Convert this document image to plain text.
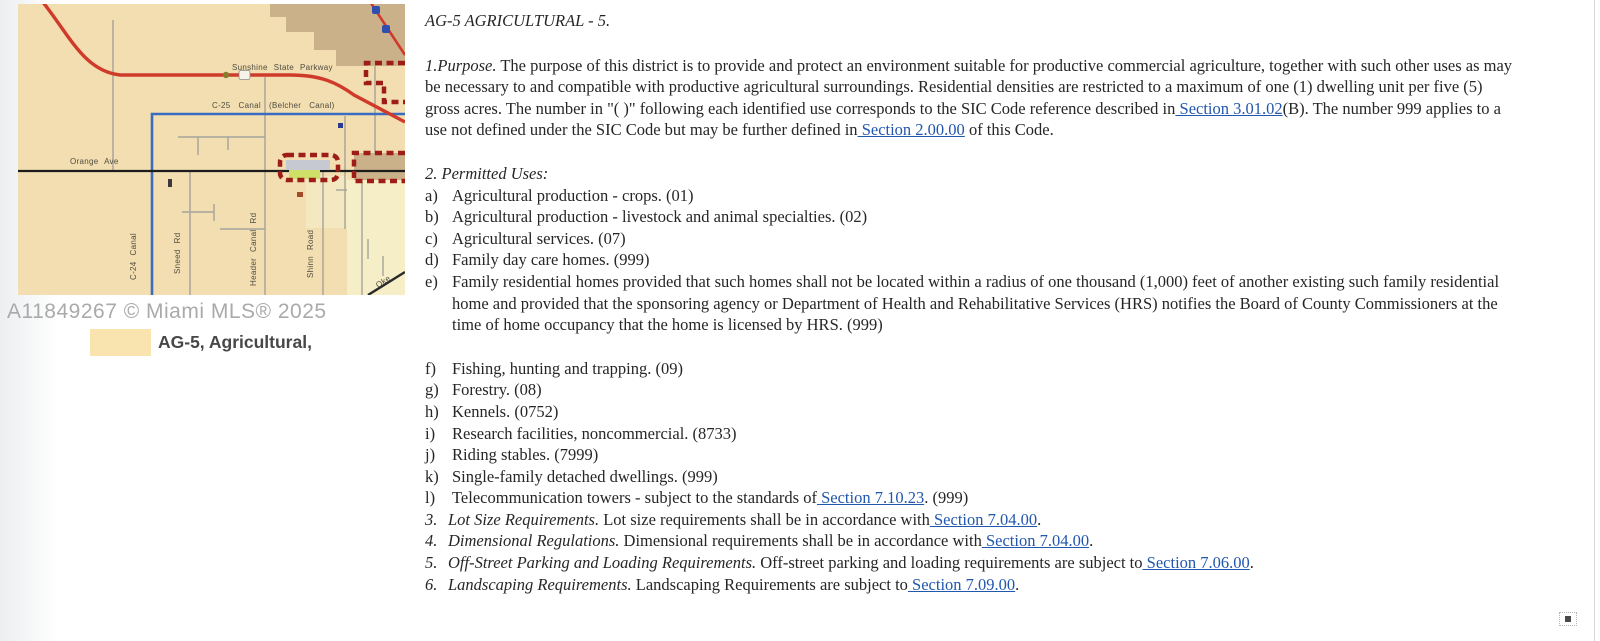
Sunshine State Parkway
C-25 Canal (Belcher Canal)
Orange Ave
C-24 Canal	Sneed Rd	Header Canal Rd	Shinn Road
Oke
A11849267 © Miami MLS® 2025
AG-5, Agricultural,
AG-5 AGRICULTURAL - 5.

1.Purpose. The purpose of this district is to provide and protect an environment suitable for productive commercial agriculture, together with such other uses as may be necessary to and compatible with productive agricultural surroundings. Residential densities are restricted to a maximum of one (1) dwelling unit per five (5) gross acres. The number in "( )" following each identified use corresponds to the SIC Code reference described in Section 3.01.02(B). The number 999 applies to a use not defined under the SIC Code but may be further defined in Section 2.00.00 of this Code.

2. Permitted Uses:
a) Agricultural production - crops. (01)
b) Agricultural production - livestock and animal specialties. (02)
c) Agricultural services. (07)
d) Family day care homes. (999)
e) Family residential homes provided that such homes shall not be located within a radius of one thousand (1,000) feet of another existing such family residential home and provided that the sponsoring agency or Department of Health and Rehabilitative Services (HRS) notifies the Board of County Commissioners at the time of home occupancy that the home is licensed by HRS. (999)
f) Fishing, hunting and trapping. (09)
g) Forestry. (08)
h) Kennels. (0752)
i)	Research facilities, noncommercial. (8733)
j)	Riding stables. (7999)
k) Single-family detached dwellings. (999)
l)	Telecommunication towers - subject to the standards of Section 7.10.23. (999)
3. Lot Size Requirements. Lot size requirements shall be in accordance with Section 7.04.00.
4. Dimensional Regulations. Dimensional requirements shall be in accordance with Section 7.04.00.
5. Off-Street Parking and Loading Requirements. Off-street parking and loading requirements are subject to Section 7.06.00.
6. Landscaping Requirements. Landscaping Requirements are subject to Section 7.09.00.
